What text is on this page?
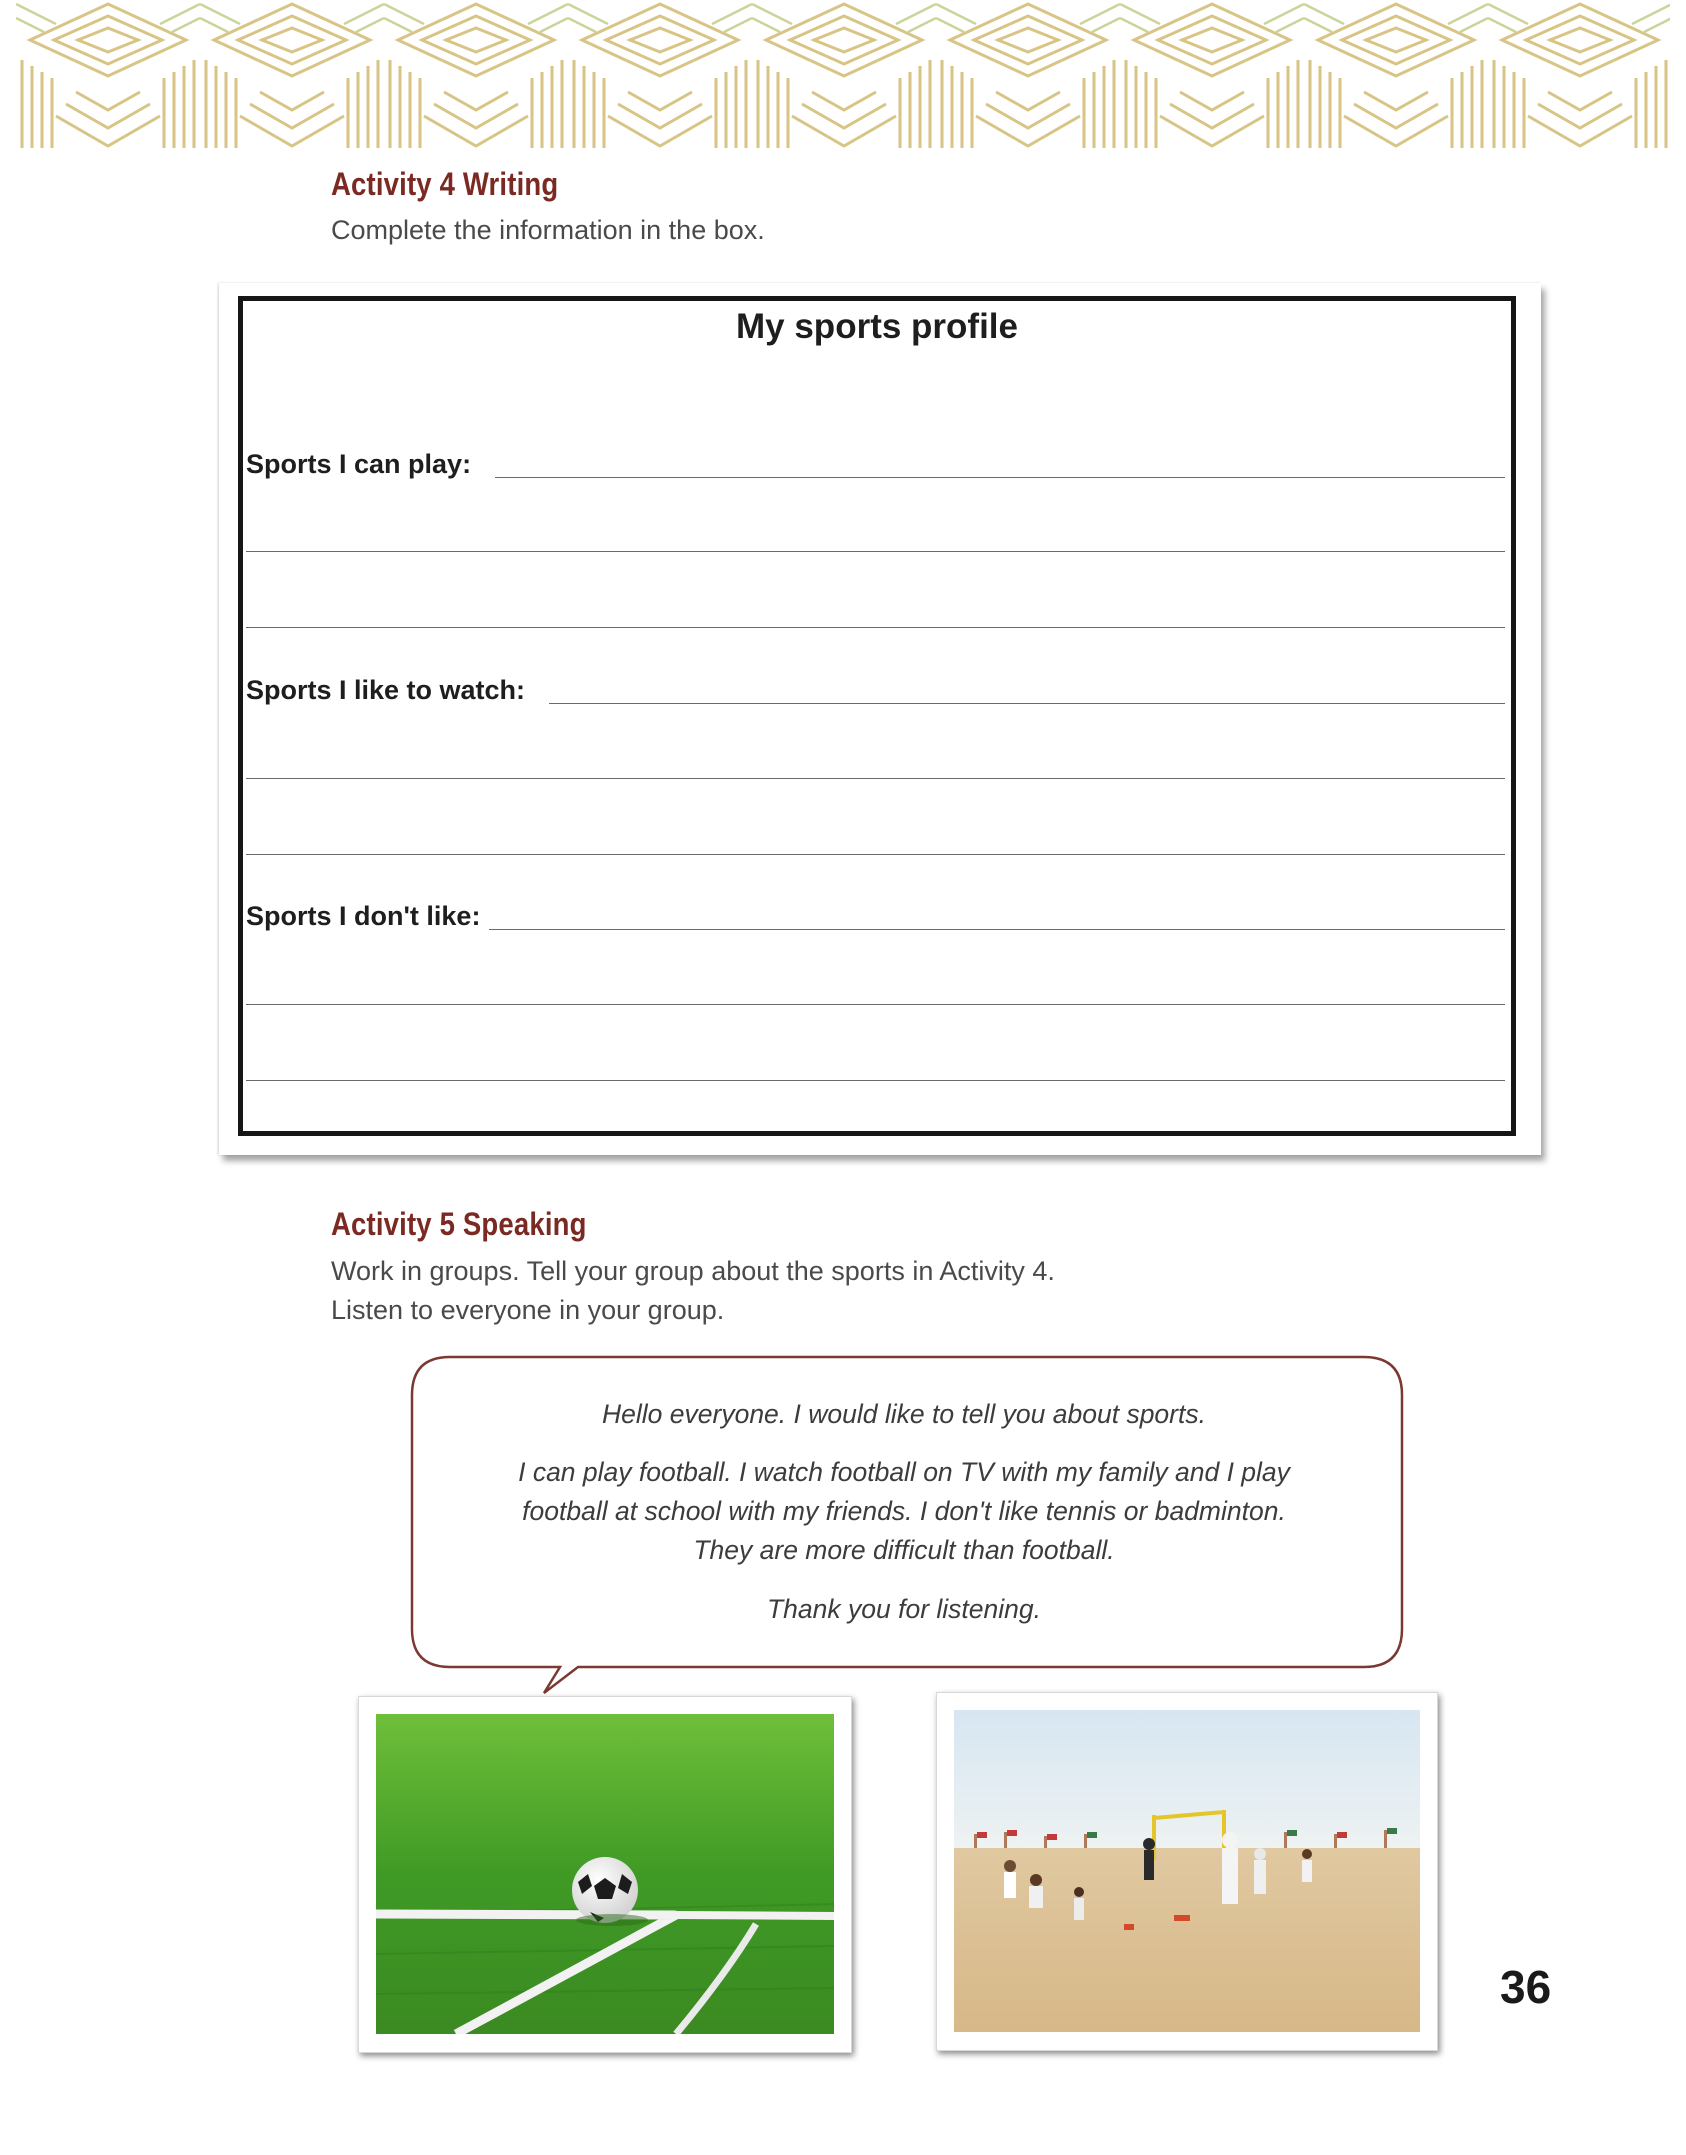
Activity 4 Writing
Complete the information in the box.
My sports profile
Sports I can play:
Sports I like to watch:
Sports I don't like:
Activity 5 Speaking
Work in groups. Tell your group about the sports in Activity 4.
Listen to everyone in your group.
Hello everyone. I would like to tell you about sports.
I can play football. I watch football on TV with my family and I play
football at school with my friends. I don't like tennis or badminton.
They are more difficult than football.
Thank you for listening.
36
